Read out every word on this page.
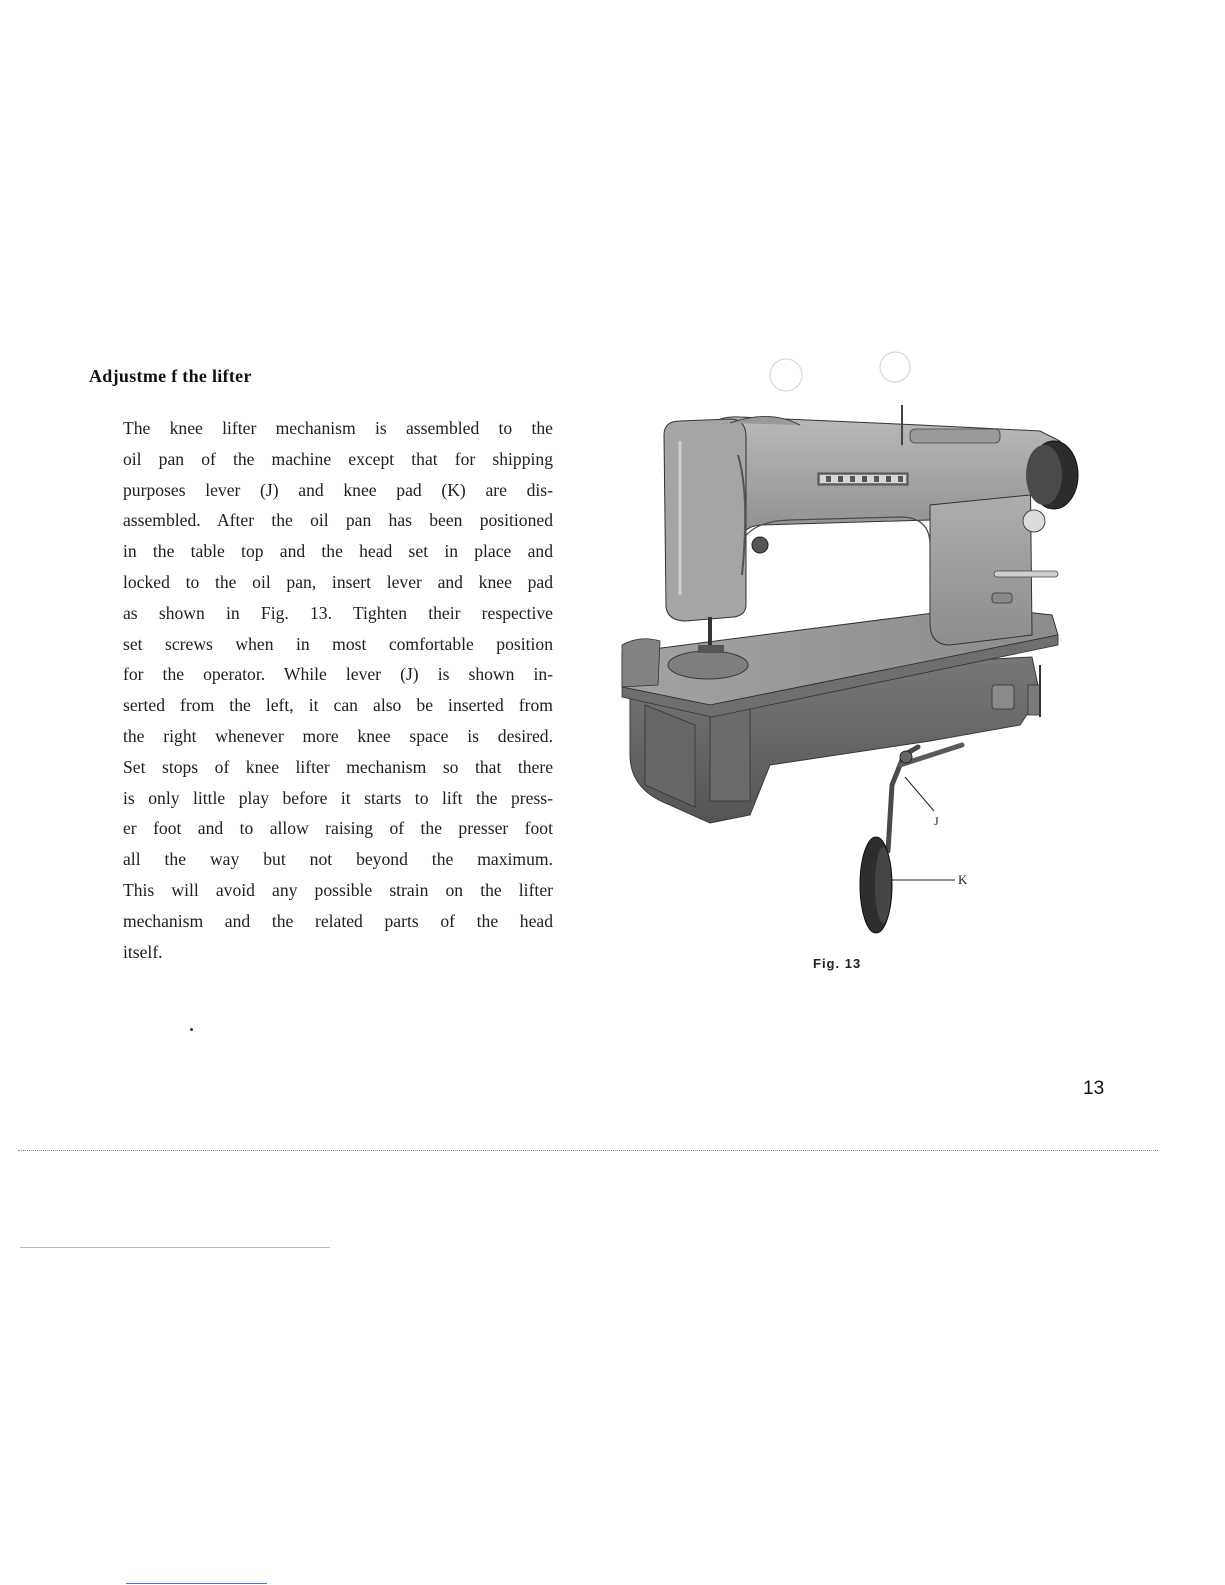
Adjustme f the lifter
The knee lifter mechanism is assembled to the
oil pan of the machine except that for shipping
purposes lever (J) and knee pad (K) are dis-
assembled. After the oil pan has been positioned
in the table top and the head set in place and
locked to the oil pan, insert lever and knee pad
as shown in Fig. 13. Tighten their respective
set screws when in most comfortable position
for the operator. While lever (J) is shown in-
serted from the left, it can also be inserted from
the right whenever more knee space is desired.
Set stops of knee lifter mechanism so that there
is only little play before it starts to lift the press-
er foot and to allow raising of the presser foot
all the way but not beyond the maximum.
This will avoid any possible strain on the lifter
mechanism and the related parts of the head
itself.
J
K
Fig. 13
13
